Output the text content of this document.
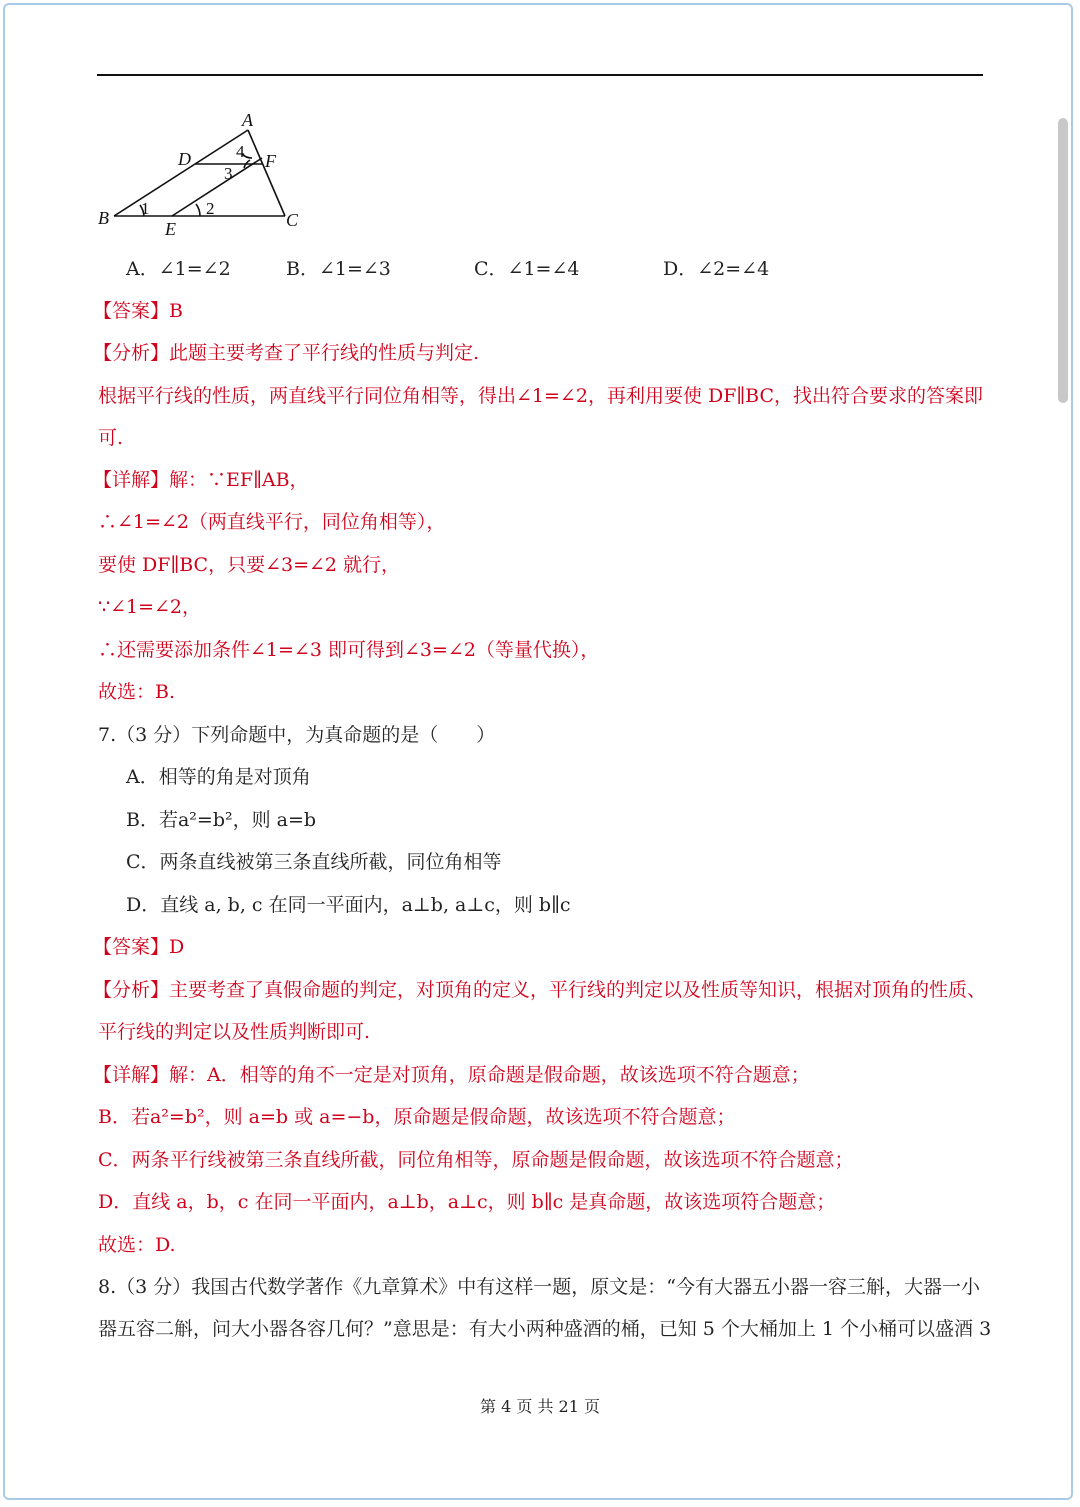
A
B	C
D
E
F
1	2
3
4
A．∠1=∠2	B．∠1=∠3	C．∠1=∠4	D．∠2=∠4
【答案】B
【分析】此题主要考查了平行线的性质与判定.
根据平行线的性质，两直线平行同位角相等，得出∠1=∠2，再利用要使 DF∥BC，找出符合要求的答案即
可.
【详解】解：∵EF∥AB，
∴∠1=∠2（两直线平行，同位角相等），
要使 DF∥BC，只要∠3=∠2 就行，
∵∠1=∠2，
∴还需要添加条件∠1=∠3 即可得到∠3=∠2（等量代换），
故选：B.
7.（3 分）下列命题中，为真命题的是（　　）
A．相等的角是对顶角
B．若a²=b²，则 a=b
C．两条直线被第三条直线所截，同位角相等
D．直线 a, b, c 在同一平面内，a⊥b, a⊥c，则 b∥c
【答案】D
【分析】主要考查了真假命题的判定，对顶角的定义，平行线的判定以及性质等知识，根据对顶角的性质、
平行线的判定以及性质判断即可.
【详解】解：A．相等的角不一定是对顶角，原命题是假命题，故该选项不符合题意；
B．若a²=b²，则 a=b 或 a=−b，原命题是假命题，故该选项不符合题意；
C．两条平行线被第三条直线所截，同位角相等，原命题是假命题，故该选项不符合题意；
D．直线 a，b，c 在同一平面内，a⊥b，a⊥c，则 b∥c 是真命题，故该选项符合题意；
故选：D.
8.（3 分）我国古代数学著作《九章算术》中有这样一题，原文是：“今有大器五小器一容三斛，大器一小
器五容二斛，问大小器各容几何？”意思是：有大小两种盛酒的桶，已知 5 个大桶加上 1 个小桶可以盛酒 3
第 4 页 共 21 页
